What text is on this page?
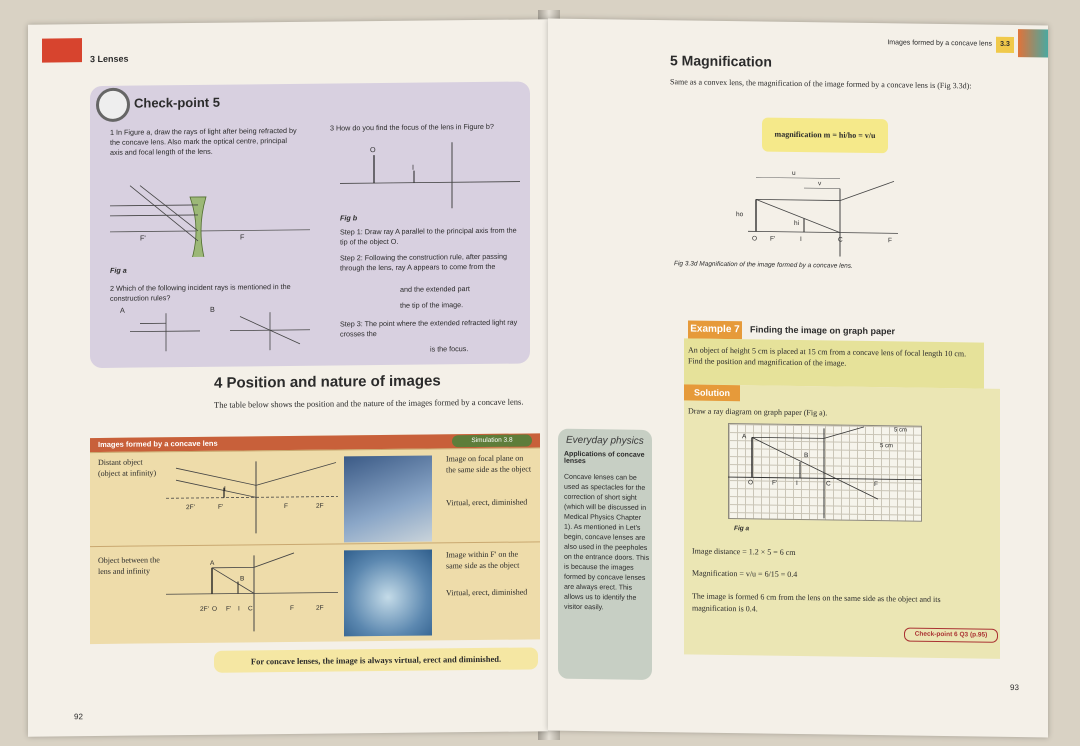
3 Lenses
Check-point 5
1 In Figure a, draw the rays of light after being refracted by the concave lens. Also mark the optical centre, principal axis and focal length of the lens.
F'	F
Fig a
2 Which of the following incident rays is mentioned in the construction rules?
A	B
3 How do you find the focus of the lens in Figure b?
O
I
Fig b
Step 1: Draw ray A parallel to the principal axis from the tip of the object O.
Step 2: Following the construction rule, after passing through the lens, ray A appears to come from the
and the extended part
the tip of the image.
Step 3: The point where the extended refracted light ray crosses the
is the focus.
4 Position and nature of images
The table below shows the position and the nature of the images formed by a concave lens.
Images formed by a concave lens	Simulation 3.8
Distant object (object at infinity)
2F'	F'	F	2F
I
Image on focal plane on the same side as the object
Virtual, erect, diminished
Object between the lens and infinity
2F' O F' I C	F	2F
A
B
Image within F' on the same side as the object
Virtual, erect, diminished
For concave lenses, the image is always virtual, erect and diminished.
92
Images formed by a concave lens	3.3
5 Magnification
Same as a convex lens, the magnification of the image formed by a concave lens is (Fig 3.3d):
magnification m = hi/ho = v/u
u
v
ho
hi
O F'	I	C	F
Fig 3.3d Magnification of the image formed by a concave lens.
Everyday physics
Applications of concave lenses
Concave lenses can be used as spectacles for the correction of short sight (which will be discussed in Medical Physics Chapter 1). As mentioned in Let's begin, concave lenses are also used in the peepholes on the entrance doors. This is because the images formed by concave lenses are always erect. This allows us to identify the visitor easily.
Example 7 Finding the image on graph paper
An object of height 5 cm is placed at 15 cm from a concave lens of focal length 10 cm. Find the position and magnification of the image.
Solution
Draw a ray diagram on graph paper (Fig a).
A
B
O	F'	I	C	F
5 cm
5 cm
Fig a
Image distance = 1.2 × 5 = 6 cm
Magnification = v/u = 6/15 = 0.4
The image is formed 6 cm from the lens on the same side as the object and its magnification is 0.4.
Check-point 6 Q3 (p.95)
93
